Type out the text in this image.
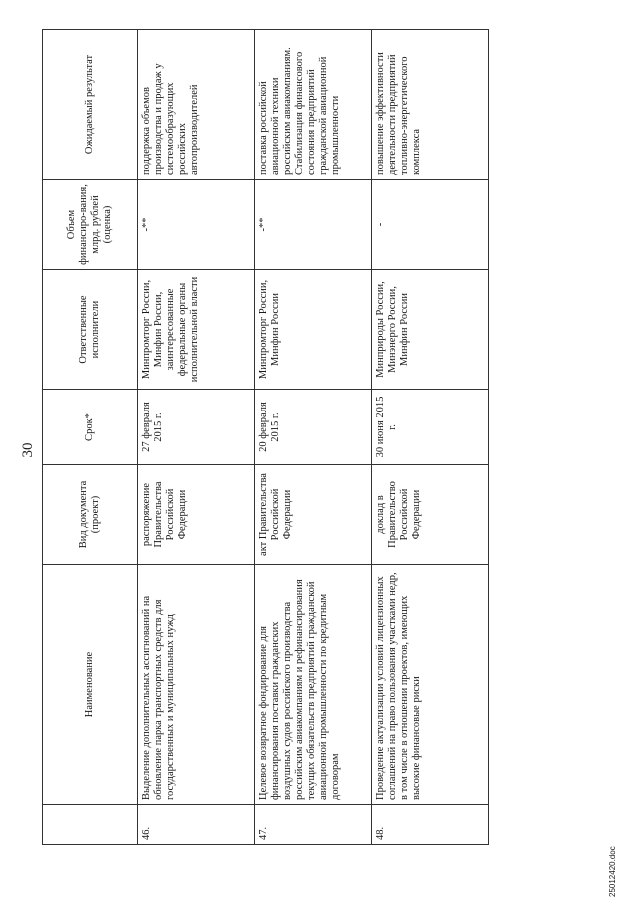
30
	Наименование	Вид документа (проект)	Срок*	Ответственные исполнители	Объем финансиро-вания, млрд. рублей (оценка)	Ожидаемый результат
46.	Выделение дополнительных ассигнований на обновление парка транспортных средств для государственных и муниципальных нужд	распоряжение Правительства Российской Федерации	27 февраля 2015 г.	Минпромторг России, Минфин России, заинтересованные федеральные органы исполнительной власти	-**	поддержка объемов производства и продаж у системообразующих российских автопроизводителей
47.	Целевое возвратное фондирование для финансирования поставки гражданских воздушных судов российского производства российским авиакомпаниям и рефинансирования текущих обязательств предприятий гражданской авиационной промышленности по кредитным договорам	акт Правительства Российской Федерации	20 февраля 2015 г.	Минпромторг России, Минфин России	-**	поставка российской авиационной техники российским авиакомпаниям. Стабилизация финансового состояния предприятий гражданской авиационной промышленности
48.	Проведение актуализации условий лицензионных соглашений на право пользования участками недр, в том числе в отношении проектов, имеющих высокие финансовые риски	доклад в Правительство Российской Федерации	30 июня 2015 г.	Минприроды России, Минэнерго России, Минфин России	-	повышение эффективности деятельности предприятий топливно-энергетического комплекса
25012420.doc
